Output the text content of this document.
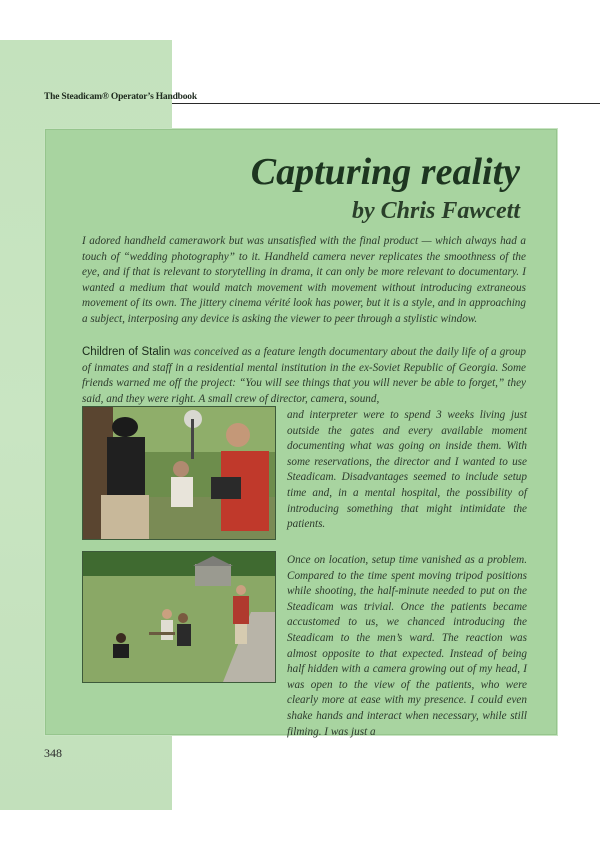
The Steadicam® Operator’s Handbook

Capturing reality
by Chris Fawcett

I adored handheld camerawork but was unsatisfied with the final product — which always had a touch of “wedding photography” to it. Handheld camera never replicates the smoothness of the eye, and if that is relevant to storytelling in drama, it can only be more relevant to documentary. I wanted a medium that would match movement with movement without introducing extraneous movement of its own. The jittery cinema vérité look has power, but it is a style, and in approaching a subject, interposing any device is asking the viewer to peer through a stylistic window.

Children of Stalin was conceived as a feature length documentary about the daily life of a group of inmates and staff in a residential mental institution in the ex-Soviet Republic of Georgia. Some friends warned me off the project: “You will see things that you will never be able to forget,” they said, and they were right. A small crew of director, camera, sound,

and interpreter were to spend 3 weeks living just outside the gates and every available moment documenting what was going on inside them. With some reservations, the director and I wanted to use Steadicam. Disadvantages seemed to include setup time and, in a mental hospital, the possibility of introducing something that might intimidate the patients.

Once on location, setup time vanished as a problem. Compared to the time spent moving tripod positions while shooting, the half-minute needed to put on the Steadicam was trivial. Once the patients became accustomed to us, we chanced introducing the Steadicam to the men’s ward. The reaction was almost opposite to that expected. Instead of being half hidden with a camera growing out of my head, I was open to the view of the patients, who were clearly more at ease with my presence. I could even shake hands and interact when necessary, while still filming. I was just a

348
